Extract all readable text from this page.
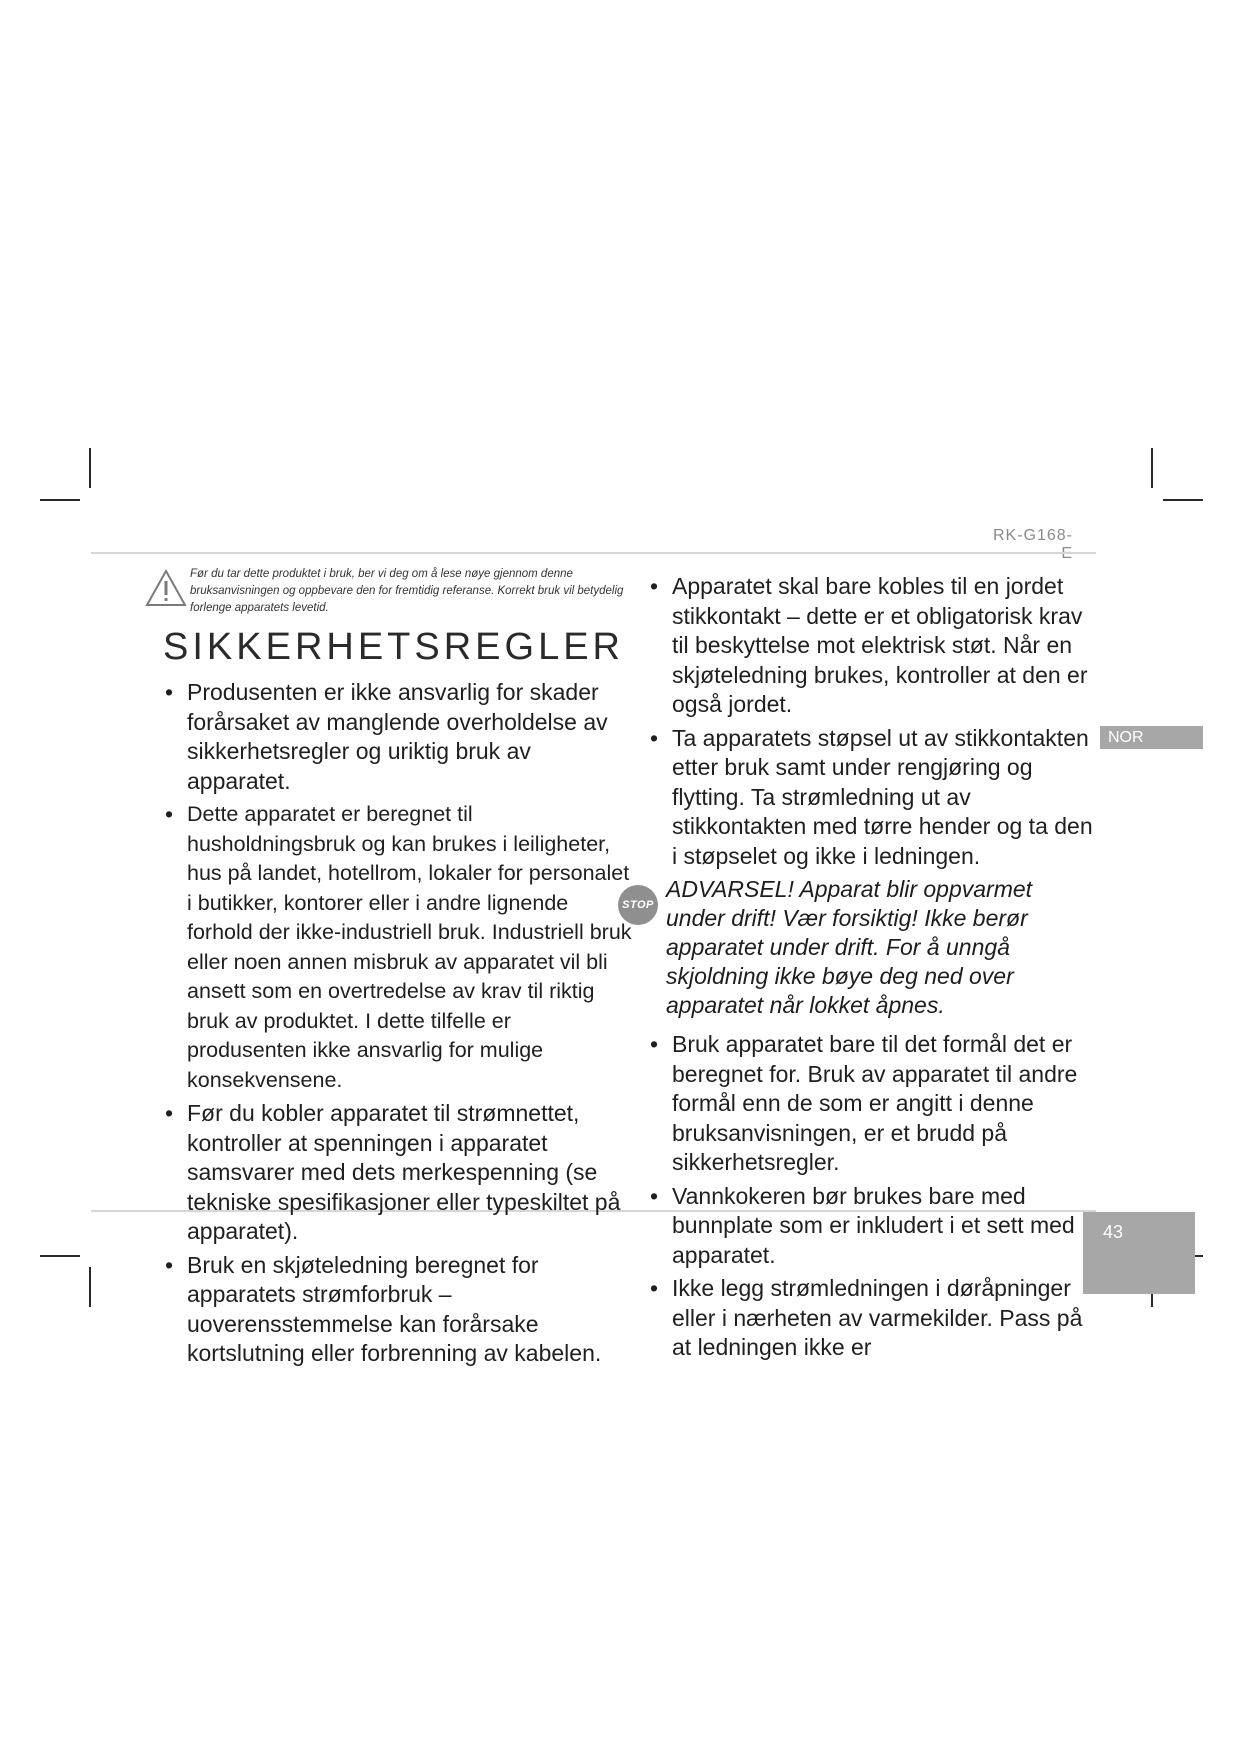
RK-G168-

Før du tar dette produktet i bruk, ber vi deg om å lese nøye gjennom denne bruksanvisningen og oppbevare den for fremtidig referanse. Korrekt bruk vil betydelig forlenge apparatets levetid.

SIKKERHETSREGLER
• Produsenten er ikke ansvarlig for skader forårsaket av manglende overholdelse av sikkerhetsregler og uriktig bruk av apparatet.
• Dette apparatet er beregnet til husholdningsbruk og kan brukes i leiligheter, hus på landet, hotellrom, lokaler for personalet i butikker, kontorer eller i andre lignende forhold der ikke-industriell bruk. Industriell bruk eller noen annen misbruk av apparatet vil bli ansett som en overtredelse av krav til riktig bruk av produktet. I dette tilfelle er produsenten ikke ansvarlig for mulige konsekvensene.
• Før du kobler apparatet til strømnettet, kontroller at spenningen i apparatet samsvarer med dets merkespenning (se tekniske spesifikasjoner eller typeskiltet på apparatet).
• Bruk en skjøteledning beregnet for apparatets strømforbruk – uoverensstemmelse kan forårsake kortslutning eller forbrenning av kabelen.
• Apparatet skal bare kobles til en jordet stikkontakt – dette er et obligatorisk krav til beskyttelse mot elektrisk støt. Når en skjøteledning brukes, kontroller at den er også jordet.
• Ta apparatets støpsel ut av stikkontakten etter bruk samt under rengjøring og flytting. Ta strømledning ut av stikkontakten med tørre hender og ta den i støpselet og ikke i ledningen.
STOP
ADVARSEL! Apparat blir oppvarmet under drift! Vær forsiktig! Ikke berør apparatet under drift. For å unngå skjoldning ikke bøye deg ned over apparatet når lokket åpnes.
• Bruk apparatet bare til det formål det er beregnet for. Bruk av apparatet til andre formål enn de som er angitt i denne bruksanvisningen, er et brudd på sikkerhetsregler.
• Vannkokeren bør brukes bare med bunnplate som er inkludert i et sett med apparatet.
• Ikke legg strømledningen i døråpninger eller i nærheten av varmekilder. Pass på at ledningen ikke er
NOR
43
